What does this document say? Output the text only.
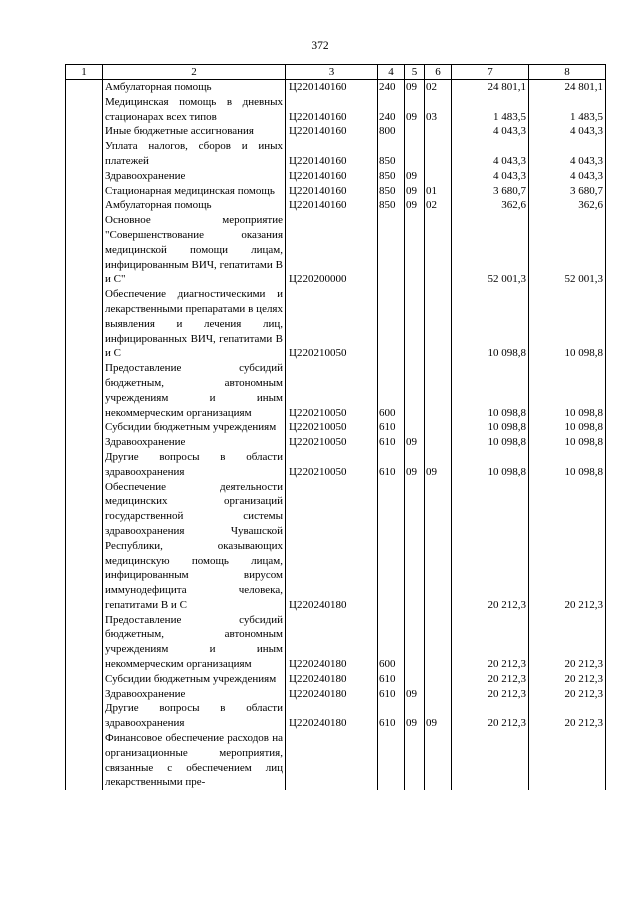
372
1	2	3	4	5	6	7	8
	Амбулаторная помощь	Ц220140160	240	09	02	24 801,1	24 801,1
	Медицинская помощь в дневных стационарах всех типов	Ц220140160	240	09	03	1 483,5	1 483,5
	Иные бюджетные ассигнования	Ц220140160	800			4 043,3	4 043,3
	Уплата налогов, сборов и иных платежей	Ц220140160	850			4 043,3	4 043,3
	Здравоохранение	Ц220140160	850	09		4 043,3	4 043,3
	Стационарная медицинская помощь	Ц220140160	850	09	01	3 680,7	3 680,7
	Амбулаторная помощь	Ц220140160	850	09	02	362,6	362,6
	Основное мероприятие "Совершенствование оказания медицинской помощи лицам, инфицированным ВИЧ, гепатитами В и С"	Ц220200000				52 001,3	52 001,3
	Обеспечение диагностическими и лекарственными препаратами в целях выявления и лечения лиц, инфицированных ВИЧ, гепатитами В и С	Ц220210050				10 098,8	10 098,8
	Предоставление субсидий бюджетным, автономным учреждениям и иным некоммерческим организациям	Ц220210050	600			10 098,8	10 098,8
	Субсидии бюджетным учреждениям	Ц220210050	610			10 098,8	10 098,8
	Здравоохранение	Ц220210050	610	09		10 098,8	10 098,8
	Другие вопросы в области здравоохранения	Ц220210050	610	09	09	10 098,8	10 098,8
	Обеспечение деятельности медицинских организаций государственной системы здравоохранения Чувашской Республики, оказывающих медицинскую помощь лицам, инфицированным вирусом иммунодефицита человека, гепатитами В и С	Ц220240180				20 212,3	20 212,3
	Предоставление субсидий бюджетным, автономным учреждениям и иным некоммерческим организациям	Ц220240180	600			20 212,3	20 212,3
	Субсидии бюджетным учреждениям	Ц220240180	610			20 212,3	20 212,3
	Здравоохранение	Ц220240180	610	09		20 212,3	20 212,3
	Другие вопросы в области здравоохранения	Ц220240180	610	09	09	20 212,3	20 212,3
	Финансовое обеспечение расходов на организационные мероприятия, связанные с обеспечением лиц лекарственными пре-						
